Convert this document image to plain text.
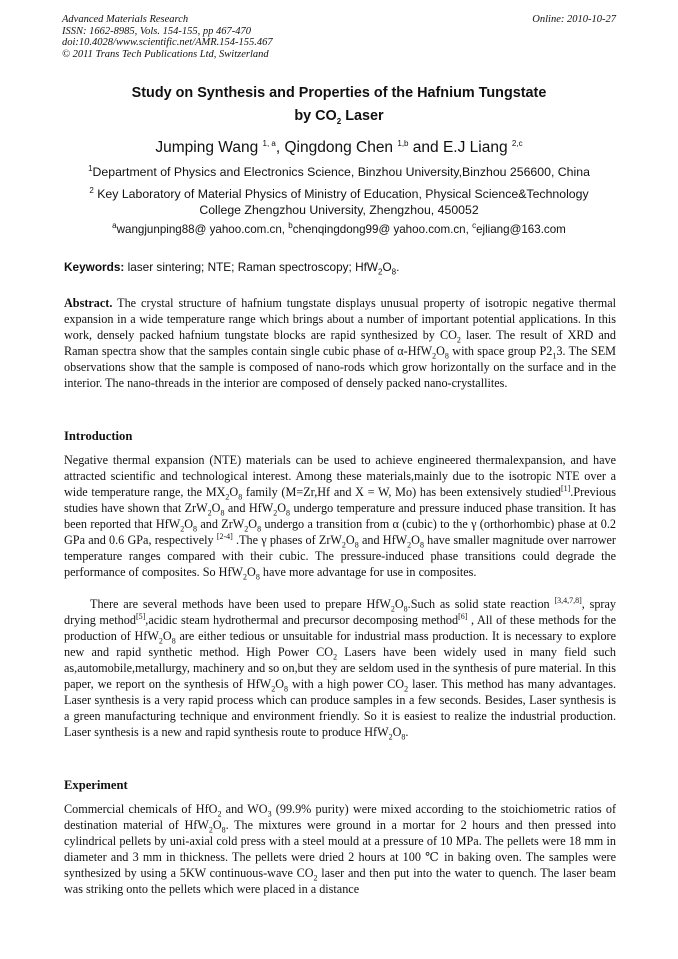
Advanced Materials Research
ISSN: 1662-8985, Vols. 154-155, pp 467-470
doi:10.4028/www.scientific.net/AMR.154-155.467
© 2011 Trans Tech Publications Ltd, Switzerland
Online: 2010-10-27
Study on Synthesis and Properties of the Hafnium Tungstate
by $CO_2$ Laser
Jumping Wang $^{1, a}$, Qingdong Chen $^{1,b}$ and E.J Liang $^{2,c}$
$^1$Department of Physics and Electronics Science, Binzhou University,Binzhou 256600, China
$^2$ Key Laboratory of Material Physics of Ministry of Education, Physical Science&Technology
College Zhengzhou University, Zhengzhou, 450052
$^a$wangjunping88@ yahoo.com.cn, $^b$chenqingdong99@ yahoo.com.cn, $^c$ejliang@163.com
Keywords: laser sintering; NTE; Raman spectroscopy; $HfW_2O_8$.
Abstract. The crystal structure of hafnium tungstate displays unusual property of isotropic negative thermal expansion in a wide temperature range which brings about a number of important potential applications. In this work, densely packed hafnium tungstate blocks are rapid synthesized by $CO_2$ laser. The result of XRD and Raman spectra show that the samples contain single cubic phase of $\alpha-HfW_2O_8$ with space group $P2_13$. The SEM observations show that the sample is composed of nano-rods which grow horizontally on the surface and in the interior. The nano-threads in the interior are composed of densely packed nano-crystallites.
Introduction
Negative thermal expansion (NTE) materials can be used to achieve engineered thermalexpansion, and have attracted scientific and technological interest. Among these materials,mainly due to the isotropic NTE over a wide temperature range, the $MX_2O_8$ family (M=Zr,Hf and X = W, Mo) has been extensively studied[1].Previous studies have shown that $ZrW_2O_8$ and $HfW_2O_8$ undergo temperature and pressure induced phase transition. It has been reported that $HfW_2O_8$ and $ZrW_2O_8$ undergo a transition from α (cubic) to the γ (orthorhombic) phase at 0.2 GPa and 0.6 GPa, respectively [2-4] .The γ phases of $ZrW_2O_8$ and $HfW_2O_8$ have smaller magnitude over narrower temperature ranges compared with their cubic. The pressure-induced phase transitions could degrade the performance of composites. So $HfW_2O_8$ have more advantage for use in composites.
There are several methods have been used to prepare $HfW_2O_8.Such$ as solid state reaction [3,4,7,8], spray drying method[5],acidic steam hydrothermal and precursor decomposing method[6] , All of these methods for the production of $HfW_2O_8$ are either tedious or unsuitable for industrial mass production. It is necessary to explore new and rapid synthetic method. High Power $CO_2$ Lasers have been widely used in many field such as,automobile,metallurgy, machinery and so on,but they are seldom used in the synthesis of pure material. In this paper, we report on the synthesis of $HfW_2O_8$ with a high power $CO_2$ laser. This method has many advantages. Laser synthesis is a very rapid process which can produce samples in a few seconds. Besides, Laser synthesis is a green manufacturing technique and environment friendly. So it is easiest to realize the industrial production. Laser synthesis is a new and rapid synthesis route to produce $HfW_2O_8$.
Experiment
Commercial chemicals of HfO$_2$ and $WO_3$ (99.9% purity) were mixed according to the stoichiometric ratios of destination material of $HfW_2O_8$. The mixtures were ground in a mortar for 2 hours and then pressed into cylindrical pellets by uni-axial cold press with a steel mould at a pressure of 10 MPa. The pellets were 18 mm in diameter and 3 mm in thickness. The pellets were dried 2 hours at 100 ℃ in baking oven. The samples were synthesized by using a 5KW continuous-wave $CO_2$ laser and then put into the water to quench. The laser beam was striking onto the pellets which were placed in a distance
